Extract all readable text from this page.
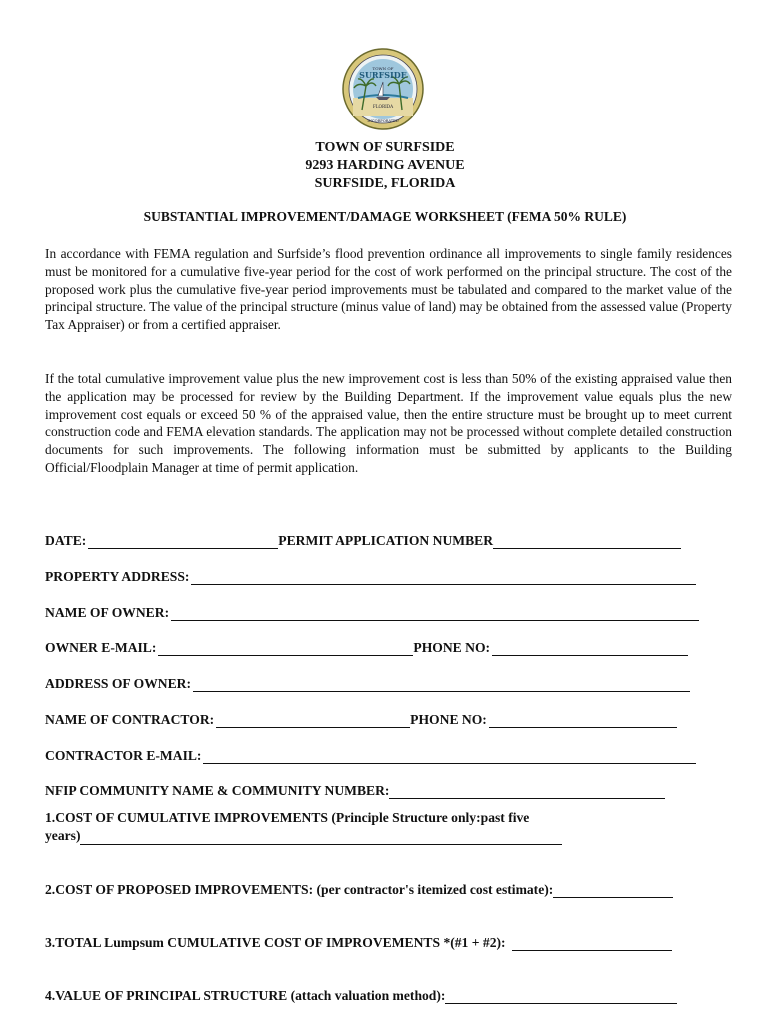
TOWN OF
SURFSIDE
FLORIDA
INCORPORATED
TOWN OF SURFSIDE
9293 HARDING AVENUE
SURFSIDE, FLORIDA
SUBSTANTIAL IMPROVEMENT/DAMAGE WORKSHEET (FEMA 50% RULE)
In accordance with FEMA regulation and Surfside’s flood prevention ordinance all improvements to single family residences must be monitored for a cumulative five-year period for the cost of work performed on the principal structure. The cost of the proposed work plus the cumulative five-year period improvements must be tabulated and compared to the market value of the principal structure. The value of the principal structure (minus value of land) may be obtained from the assessed value (Property Tax Appraiser) or from a certified appraiser.
If the total cumulative improvement value plus the new improvement cost is less than 50% of the existing appraised value then the application may be processed for review by the Building Department. If the improvement value equals plus the new improvement cost equals or exceed 50 % of the appraised value, then the entire structure must be brought up to meet current construction code and FEMA elevation standards. The application may not be processed without complete detailed construction documents for such improvements. The following information must be submitted by applicants to the Building Official/Floodplain Manager at time of permit application.
DATE:	PERMIT APPLICATION NUMBER
PROPERTY ADDRESS:
NAME OF OWNER:
OWNER E-MAIL:	PHONE NO:
ADDRESS OF OWNER:
NAME OF CONTRACTOR:	PHONE NO:
CONTRACTOR E-MAIL:
NFIP COMMUNITY NAME & COMMUNITY NUMBER:
1.COST OF CUMULATIVE IMPROVEMENTS (Principle Structure only:past five
years)
2.COST OF PROPOSED IMPROVEMENTS: (per contractor's itemized cost estimate):
3.TOTAL Lumpsum CUMULATIVE COST OF IMPROVEMENTS *(#1 + #2):
4.VALUE OF PRINCIPAL STRUCTURE (attach valuation method):
